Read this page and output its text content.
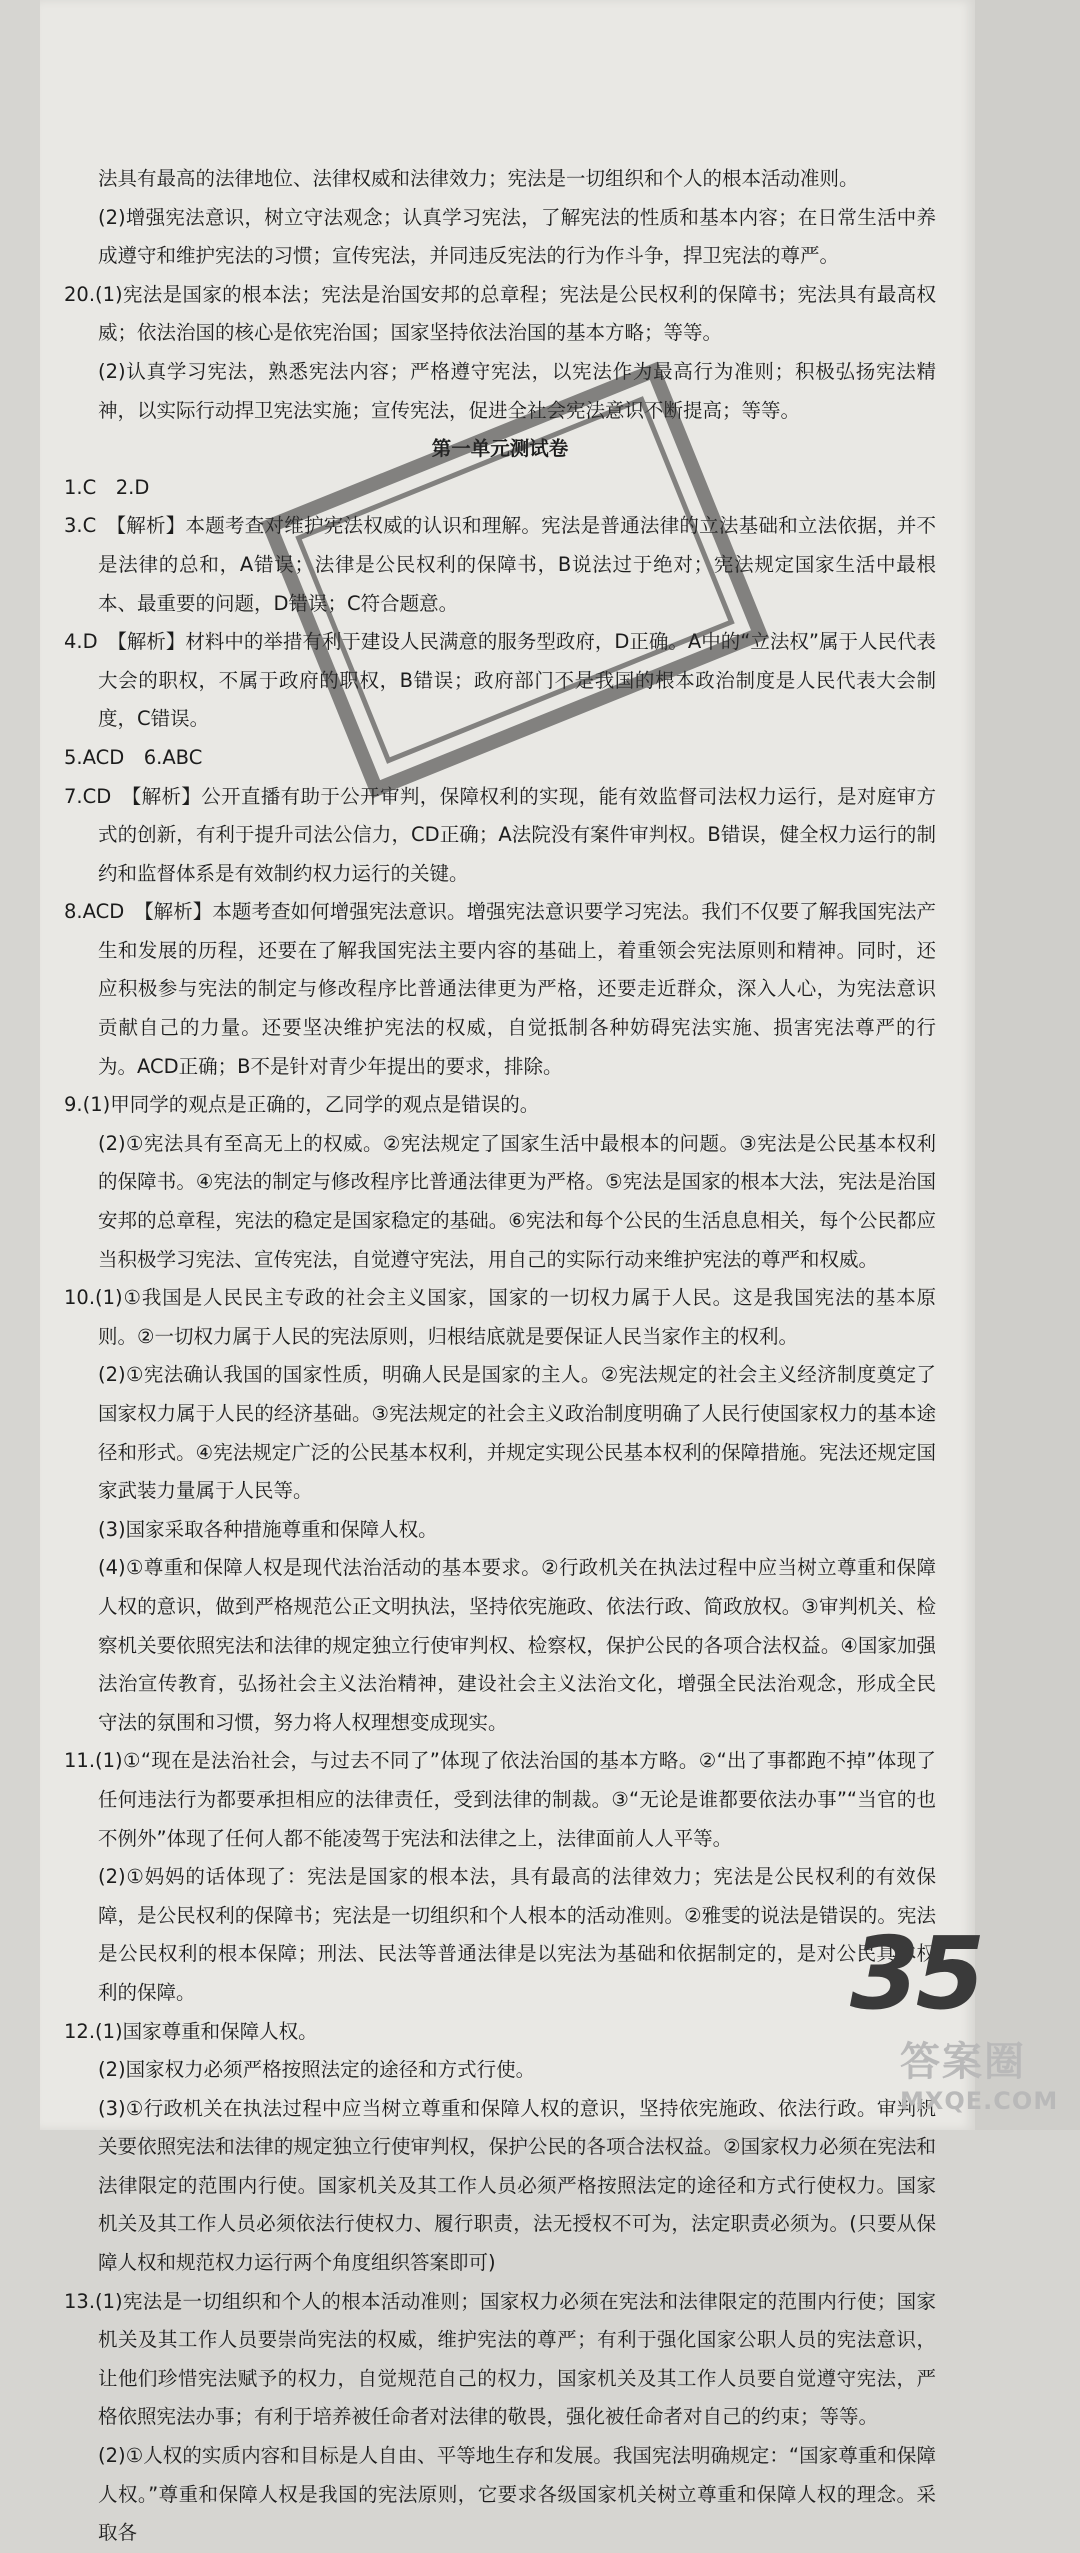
法具有最高的法律地位、法律权威和法律效力；宪法是一切组织和个人的根本活动准则。

(2)增强宪法意识，树立守法观念；认真学习宪法，了解宪法的性质和基本内容；在日常生活中养成遵守和维护宪法的习惯；宣传宪法，并同违反宪法的行为作斗争，捍卫宪法的尊严。

20.(1)宪法是国家的根本法；宪法是治国安邦的总章程；宪法是公民权利的保障书；宪法具有最高权威；依法治国的核心是依宪治国；国家坚持依法治国的基本方略；等等。

(2)认真学习宪法，熟悉宪法内容；严格遵守宪法，以宪法作为最高行为准则；积极弘扬宪法精神，以实际行动捍卫宪法实施；宣传宪法，促进全社会宪法意识不断提高；等等。

第一单元测试卷

1.C　2.D

3.C　【解析】本题考查对维护宪法权威的认识和理解。宪法是普通法律的立法基础和立法依据，并不是法律的总和，A错误；法律是公民权利的保障书，B说法过于绝对；宪法规定国家生活中最根本、最重要的问题，D错误；C符合题意。

4.D　【解析】材料中的举措有利于建设人民满意的服务型政府，D正确。A中的“立法权”属于人民代表大会的职权，不属于政府的职权，B错误；政府部门不是我国的根本政治制度是人民代表大会制度，C错误。

5.ACD　6.ABC

7.CD　【解析】公开直播有助于公开审判，保障权利的实现，能有效监督司法权力运行，是对庭审方式的创新，有利于提升司法公信力，CD正确；A法院没有案件审判权。B错误，健全权力运行的制约和监督体系是有效制约权力运行的关键。

8.ACD　【解析】本题考查如何增强宪法意识。增强宪法意识要学习宪法。我们不仅要了解我国宪法产生和发展的历程，还要在了解我国宪法主要内容的基础上，着重领会宪法原则和精神。同时，还应积极参与宪法的制定与修改程序比普通法律更为严格，还要走近群众，深入人心，为宪法意识贡献自己的力量。还要坚决维护宪法的权威，自觉抵制各种妨碍宪法实施、损害宪法尊严的行为。ACD正确；B不是针对青少年提出的要求，排除。

9.(1)甲同学的观点是正确的，乙同学的观点是错误的。

(2)①宪法具有至高无上的权威。②宪法规定了国家生活中最根本的问题。③宪法是公民基本权利的保障书。④宪法的制定与修改程序比普通法律更为严格。⑤宪法是国家的根本大法，宪法是治国安邦的总章程，宪法的稳定是国家稳定的基础。⑥宪法和每个公民的生活息息相关，每个公民都应当积极学习宪法、宣传宪法，自觉遵守宪法，用自己的实际行动来维护宪法的尊严和权威。

10.(1)①我国是人民民主专政的社会主义国家，国家的一切权力属于人民。这是我国宪法的基本原则。②一切权力属于人民的宪法原则，归根结底就是要保证人民当家作主的权利。

(2)①宪法确认我国的国家性质，明确人民是国家的主人。②宪法规定的社会主义经济制度奠定了国家权力属于人民的经济基础。③宪法规定的社会主义政治制度明确了人民行使国家权力的基本途径和形式。④宪法规定广泛的公民基本权利，并规定实现公民基本权利的保障措施。宪法还规定国家武装力量属于人民等。

(3)国家采取各种措施尊重和保障人权。

(4)①尊重和保障人权是现代法治活动的基本要求。②行政机关在执法过程中应当树立尊重和保障人权的意识，做到严格规范公正文明执法，坚持依宪施政、依法行政、简政放权。③审判机关、检察机关要依照宪法和法律的规定独立行使审判权、检察权，保护公民的各项合法权益。④国家加强法治宣传教育，弘扬社会主义法治精神，建设社会主义法治文化，增强全民法治观念，形成全民守法的氛围和习惯，努力将人权理想变成现实。

11.(1)①“现在是法治社会，与过去不同了”体现了依法治国的基本方略。②“出了事都跑不掉”体现了任何违法行为都要承担相应的法律责任，受到法律的制裁。③“无论是谁都要依法办事”“当官的也不例外”体现了任何人都不能凌驾于宪法和法律之上，法律面前人人平等。

(2)①妈妈的话体现了：宪法是国家的根本法，具有最高的法律效力；宪法是公民权利的有效保障，是公民权利的保障书；宪法是一切组织和个人根本的活动准则。②雅雯的说法是错误的。宪法是公民权利的根本保障；刑法、民法等普通法律是以宪法为基础和依据制定的，是对公民具体权利的保障。

12.(1)国家尊重和保障人权。

(2)国家权力必须严格按照法定的途径和方式行使。

(3)①行政机关在执法过程中应当树立尊重和保障人权的意识，坚持依宪施政、依法行政。审判机关要依照宪法和法律的规定独立行使审判权，保护公民的各项合法权益。②国家权力必须在宪法和法律限定的范围内行使。国家机关及其工作人员必须严格按照法定的途径和方式行使权力。国家机关及其工作人员必须依法行使权力、履行职责，法无授权不可为，法定职责必须为。(只要从保障人权和规范权力运行两个角度组织答案即可)

13.(1)宪法是一切组织和个人的根本活动准则；国家权力必须在宪法和法律限定的范围内行使；国家机关及其工作人员要崇尚宪法的权威，维护宪法的尊严；有利于强化国家公职人员的宪法意识，让他们珍惜宪法赋予的权力，自觉规范自己的权力，国家机关及其工作人员要自觉遵守宪法，严格依照宪法办事；有利于培养被任命者对法律的敬畏，强化被任命者对自己的约束；等等。

(2)①人权的实质内容和目标是人自由、平等地生存和发展。我国宪法明确规定：“国家尊重和保障人权。”尊重和保障人权是我国的宪法原则，它要求各级国家机关树立尊重和保障人权的理念。采取各

35
答案圈
MXQE.COM
